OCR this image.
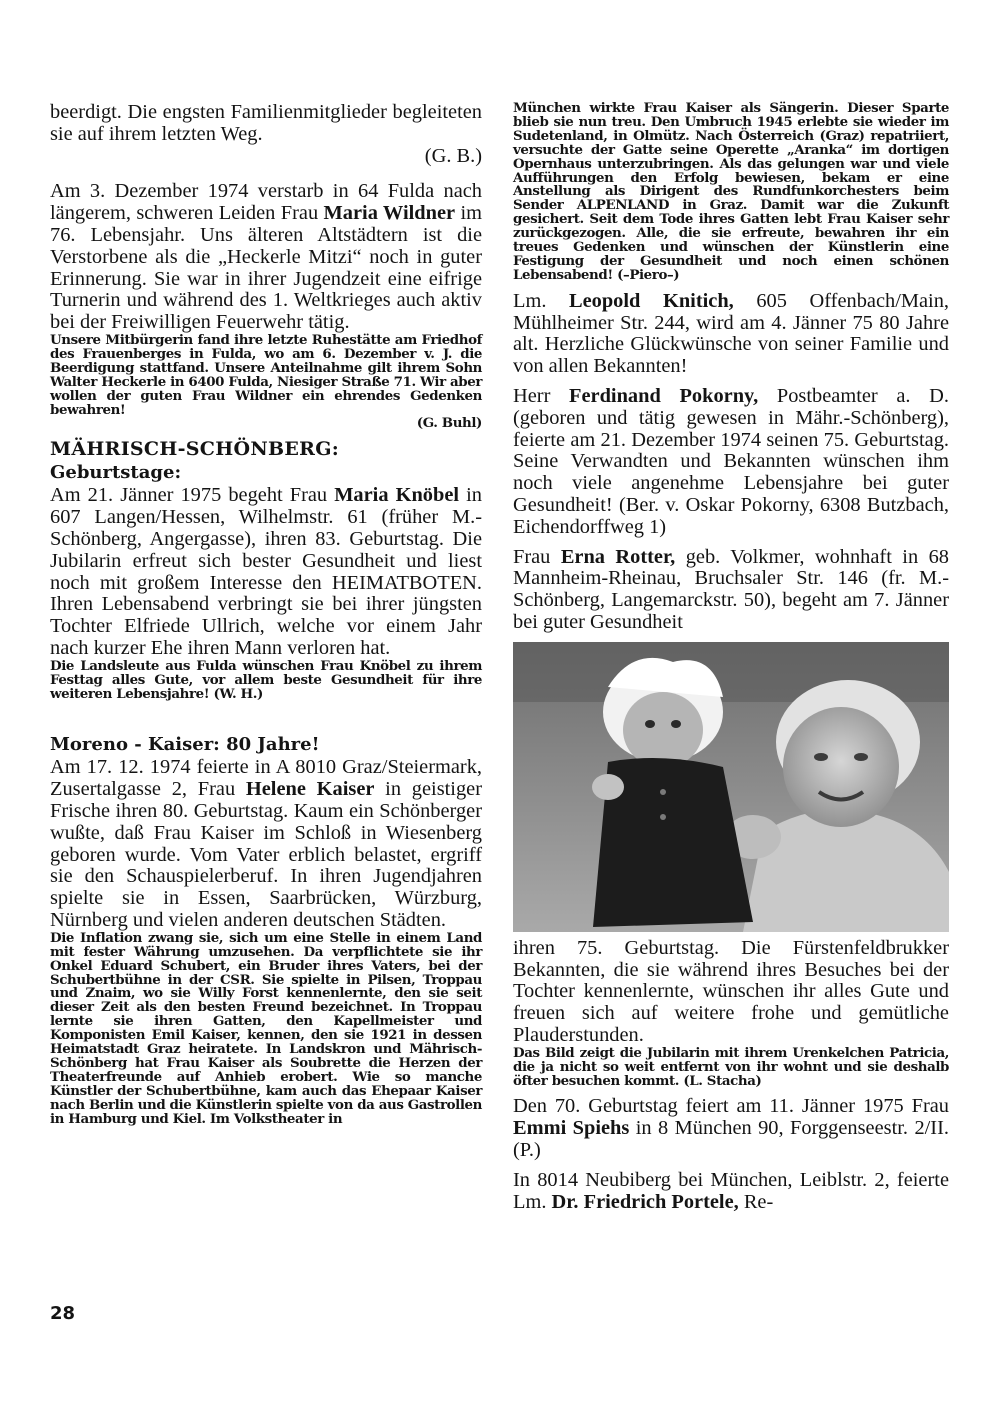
beerdigt. Die engsten Familienmitglieder begleiteten sie auf ihrem letzten Weg.

(G. B.)

Am 3. Dezember 1974 verstarb in 64 Fulda nach längerem, schweren Leiden Frau Maria Wildner im 76. Lebensjahr. Uns älteren Altstädtern ist die Verstorbene als die „Heckerle Mitzi“ noch in guter Erinnerung. Sie war in ihrer Jugendzeit eine eifrige Turnerin und während des 1. Weltkrieges auch aktiv bei der Freiwilligen Feuerwehr tätig.

Unsere Mitbürgerin fand ihre letzte Ruhestätte am Friedhof des Frauenberges in Fulda, wo am 6. Dezember v. J. die Beerdigung stattfand. Unsere Anteilnahme gilt ihrem Sohn Walter Heckerle in 6400 Fulda, Niesiger Straße 71. Wir aber wollen der guten Frau Wildner ein ehrendes Gedenken bewahren!

(G. Buhl)

MÄHRISCH-SCHÖNBERG:
Geburtstage:

Am 21. Jänner 1975 begeht Frau Maria Knöbel in 607 Langen/Hessen, Wilhelmstr. 61 (früher M.-Schönberg, Angergasse), ihren 83. Geburtstag. Die Jubilarin erfreut sich bester Gesundheit und liest noch mit großem Interesse den HEIMATBOTEN. Ihren Lebensabend verbringt sie bei ihrer jüngsten Tochter Elfriede Ullrich, welche vor einem Jahr nach kurzer Ehe ihren Mann verloren hat.

Die Landsleute aus Fulda wünschen Frau Knöbel zu ihrem Festtag alles Gute, vor allem beste Gesundheit für ihre weiteren Lebensjahre! (W. H.)

Moreno - Kaiser: 80 Jahre!

Am 17. 12. 1974 feierte in A 8010 Graz/Steiermark, Zusertalgasse 2, Frau Helene Kaiser in geistiger Frische ihren 80. Geburtstag. Kaum ein Schönberger wußte, daß Frau Kaiser im Schloß in Wiesenberg geboren wurde. Vom Vater erblich belastet, ergriff sie den Schauspielerberuf. In ihren Jugendjahren spielte sie in Essen, Saarbrücken, Würzburg, Nürnberg und vielen anderen deutschen Städten.

Die Inflation zwang sie, sich um eine Stelle in einem Land mit fester Währung umzusehen. Da verpflichtete sie ihr Onkel Eduard Schubert, ein Bruder ihres Vaters, bei der Schubertbühne in der CSR. Sie spielte in Pilsen, Troppau und Znaim, wo sie Willy Forst kennenlernte, den sie seit dieser Zeit als den besten Freund bezeichnet. In Troppau lernte sie ihren Gatten, den Kapellmeister und Komponisten Emil Kaiser, kennen, den sie 1921 in dessen Heimatstadt Graz heiratete. In Landskron und Mährisch-Schönberg hat Frau Kaiser als Soubrette die Herzen der Theaterfreunde auf Anhieb erobert. Wie so manche Künstler der Schubertbühne, kam auch das Ehepaar Kaiser nach Berlin und die Künstlerin spielte von da aus Gastrollen in Hamburg und Kiel. Im Volkstheater in

München wirkte Frau Kaiser als Sängerin. Dieser Sparte blieb sie nun treu. Den Umbruch 1945 erlebte sie wieder im Sudetenland, in Olmütz. Nach Österreich (Graz) repatriiert, versuchte der Gatte seine Operette „Aranka“ im dortigen Opernhaus unterzubringen. Als das gelungen war und viele Aufführungen den Erfolg bewiesen, bekam er eine Anstellung als Dirigent des Rundfunkorchesters beim Sender ALPENLAND in Graz. Damit war die Zukunft gesichert. Seit dem Tode ihres Gatten lebt Frau Kaiser sehr zurückgezogen. Alle, die sie erfreute, bewahren ihr ein treues Gedenken und wünschen der Künstlerin eine Festigung der Gesundheit und noch einen schönen Lebensabend! (–Piero–)

Lm. Leopold Knitich, 605 Offenbach/Main, Mühlheimer Str. 244, wird am 4. Jänner 75 80 Jahre alt. Herzliche Glückwünsche von seiner Familie und von allen Bekannten!

Herr Ferdinand Pokorny, Postbeamter a. D. (geboren und tätig gewesen in Mähr.-Schönberg), feierte am 21. Dezember 1974 seinen 75. Geburtstag. Seine Verwandten und Bekannten wünschen ihm noch viele angenehme Lebensjahre bei guter Gesundheit! (Ber. v. Oskar Pokorny, 6308 Butzbach, Eichendorffweg 1)

Frau Erna Rotter, geb. Volkmer, wohnhaft in 68 Mannheim-Rheinau, Bruchsaler Str. 146 (fr. M.-Schönberg, Langemarckstr. 50), begeht am 7. Jänner bei guter Gesundheit

ihren 75. Geburtstag. Die Fürstenfeldbrukker Bekannten, die sie während ihres Besuches bei der Tochter kennenlernte, wünschen ihr alles Gute und freuen sich auf weitere frohe und gemütliche Plauderstunden.

Das Bild zeigt die Jubilarin mit ihrem Urenkelchen Patricia, die ja nicht so weit entfernt von ihr wohnt und sie deshalb öfter besuchen kommt. (L. Stacha)

Den 70. Geburtstag feiert am 11. Jänner 1975 Frau Emmi Spiehs in 8 München 90, Forggenseestr. 2/II. (P.)

In 8014 Neubiberg bei München, Leiblstr. 2, feierte Lm. Dr. Friedrich Portele, Re-

28
